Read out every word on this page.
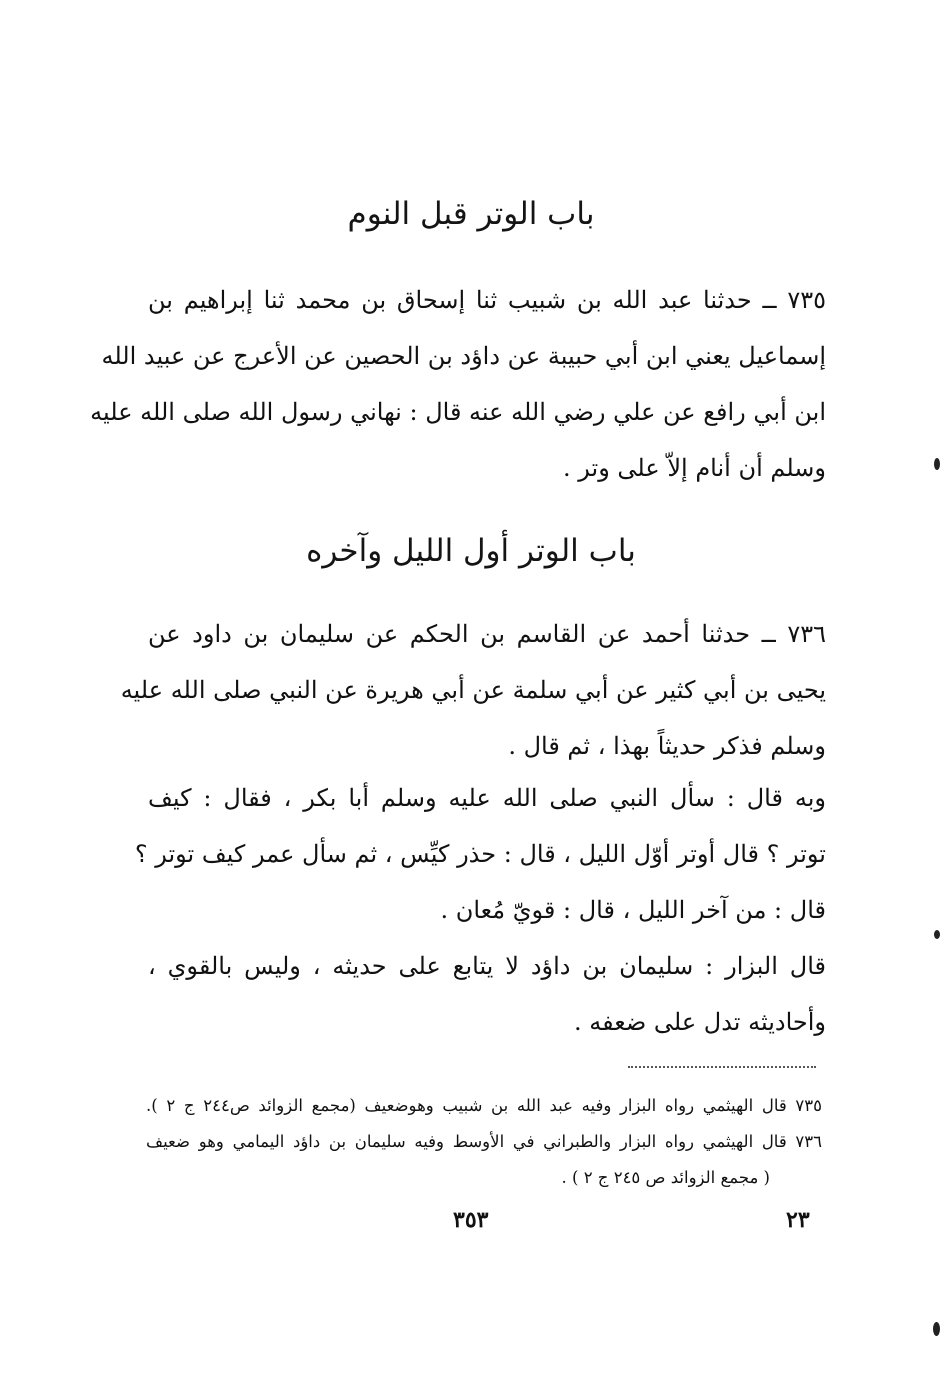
باب الوتر قبل النوم
٧٣٥ ــ حدثنا عبد الله بن شبيب ثنا إسحاق بن محمد ثنا إبراهيم بن
إسماعيل يعني ابن أبي حبيبة عن داؤد بن الحصين عن الأعرج عن عبيد الله
ابن أبي رافع عن علي رضي الله عنه قال : نهاني رسول الله صلى الله عليه
وسلم أن أنام إلاّ على وتر .
باب الوتر أول الليل وآخره
٧٣٦ ــ حدثنا أحمد عن القاسم بن الحكم عن سليمان بن داود عن
يحيى بن أبي كثير عن أبي سلمة عن أبي هريرة عن النبي صلى الله عليه
وسلم فذكر حديثاً بهذا ، ثم قال .
وبه قال : سأل النبي صلى الله عليه وسلم أبا بكر ، فقال : كيف
توتر ؟ قال أوتر أوّل الليل ، قال : حذر كيِّس ، ثم سأل عمر كيف توتر ؟
قال : من آخر الليل ، قال : قويّ مُعان .
قال البزار : سليمان بن داؤد لا يتابع على حديثه ، وليس بالقوي ،
وأحاديثه تدل على ضعفه .
٧٣٥ قال الهيثمي رواه البزار وفيه عبد الله بن شبيب وهوضعيف (مجمع الزوائد ص٢٤٤ ج ٢ ).
٧٣٦ قال الهيثمي رواه البزار والطبراني في الأوسط وفيه سليمان بن داؤد اليمامي وهو ضعيف
( مجمع الزوائد ص ٢٤٥ ج ٢ ) .
٣٥٣	٢٣
